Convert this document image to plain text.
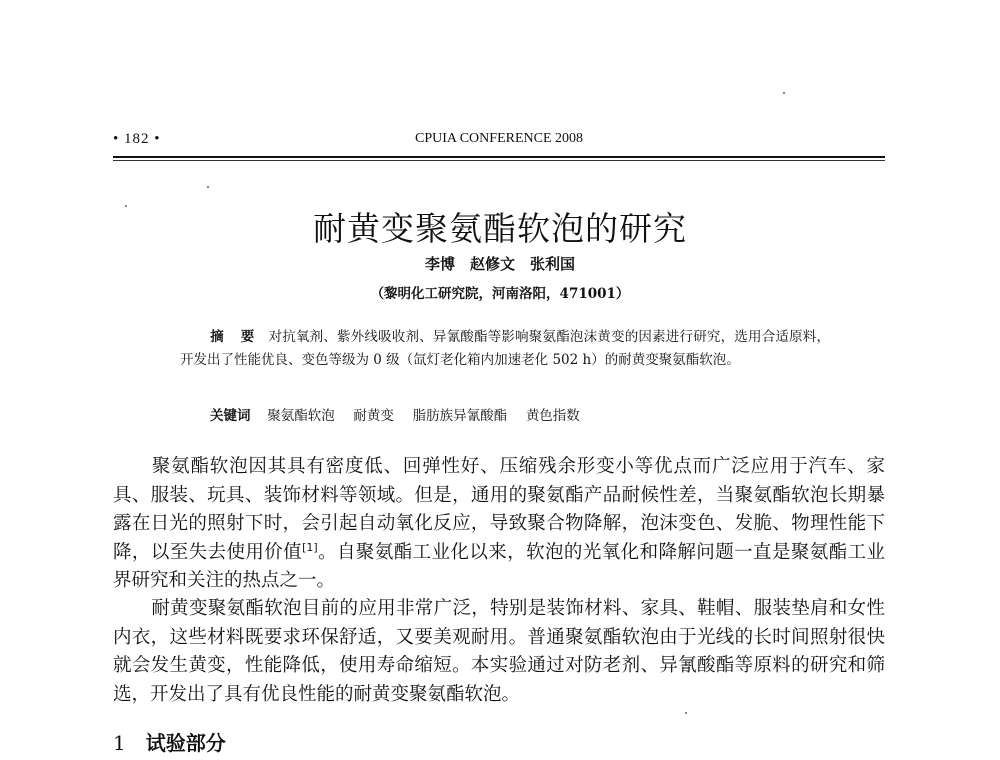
• 182 •	CPUIA CONFERENCE 2008
耐黄变聚氨酯软泡的研究
李博　赵修文　张利国
（黎明化工研究院，河南洛阳，471001）
摘 要 对抗氧剂、紫外线吸收剂、异氰酸酯等影响聚氨酯泡沫黄变的因素进行研究，选用合适原料，开发出了性能优良、变色等级为 0 级（氙灯老化箱内加速老化 502 h）的耐黄变聚氨酯软泡。
关键词 聚氨酯软泡 耐黄变 脂肪族异氰酸酯 黄色指数
聚氨酯软泡因其具有密度低、回弹性好、压缩残余形变小等优点而广泛应用于汽车、家具、服装、玩具、装饰材料等领域。但是，通用的聚氨酯产品耐候性差，当聚氨酯软泡长期暴露在日光的照射下时，会引起自动氧化反应，导致聚合物降解，泡沫变色、发脆、物理性能下降，以至失去使用价值[1]。自聚氨酯工业化以来，软泡的光氧化和降解问题一直是聚氨酯工业界研究和关注的热点之一。
耐黄变聚氨酯软泡目前的应用非常广泛，特别是装饰材料、家具、鞋帽、服装垫肩和女性内衣，这些材料既要求环保舒适，又要美观耐用。普通聚氨酯软泡由于光线的长时间照射很快就会发生黄变，性能降低，使用寿命缩短。本实验通过对防老剂、异氰酸酯等原料的研究和筛选，开发出了具有优良性能的耐黄变聚氨酯软泡。
1 试验部分
